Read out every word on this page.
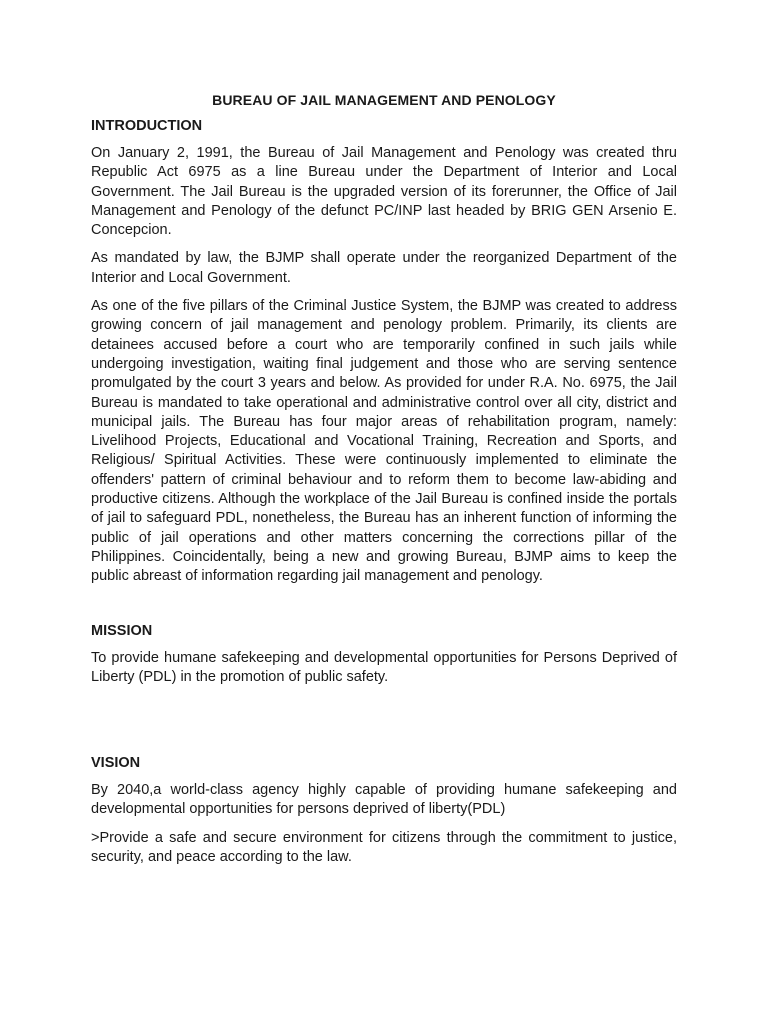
BUREAU OF JAIL MANAGEMENT AND PENOLOGY
INTRODUCTION

On January 2, 1991, the Bureau of Jail Management and Penology was created thru Republic Act 6975 as a line Bureau under the Department of Interior and Local Government. The Jail Bureau is the upgraded version of its forerunner, the Office of Jail Management and Penology of the defunct PC/INP last headed by BRIG GEN Arsenio E. Concepcion.

As mandated by law, the BJMP shall operate under the reorganized Department of the Interior and Local Government.

As one of the five pillars of the Criminal Justice System, the BJMP was created to address growing concern of jail management and penology problem. Primarily, its clients are detainees accused before a court who are temporarily confined in such jails while undergoing investigation, waiting final judgement and those who are serving sentence promulgated by the court 3 years and below. As provided for under R.A. No. 6975, the Jail Bureau is mandated to take operational and administrative control over all city, district and municipal jails. The Bureau has four major areas of rehabilitation program, namely: Livelihood Projects, Educational and Vocational Training, Recreation and Sports, and Religious/ Spiritual Activities. These were continuously implemented to eliminate the offenders' pattern of criminal behaviour and to reform them to become law-abiding and productive citizens. Although the workplace of the Jail Bureau is confined inside the portals of jail to safeguard PDL, nonetheless, the Bureau has an inherent function of informing the public of jail operations and other matters concerning the corrections pillar of the Philippines. Coincidentally, being a new and growing Bureau, BJMP aims to keep the public abreast of information regarding jail management and penology.

MISSION

To provide humane safekeeping and developmental opportunities for Persons Deprived of Liberty (PDL) in the promotion of public safety.

VISION

By 2040,a world-class agency highly capable of providing humane safekeeping and developmental opportunities for persons deprived of liberty(PDL)

>Provide a safe and secure environment for citizens through the commitment to justice, security, and peace according to the law.
